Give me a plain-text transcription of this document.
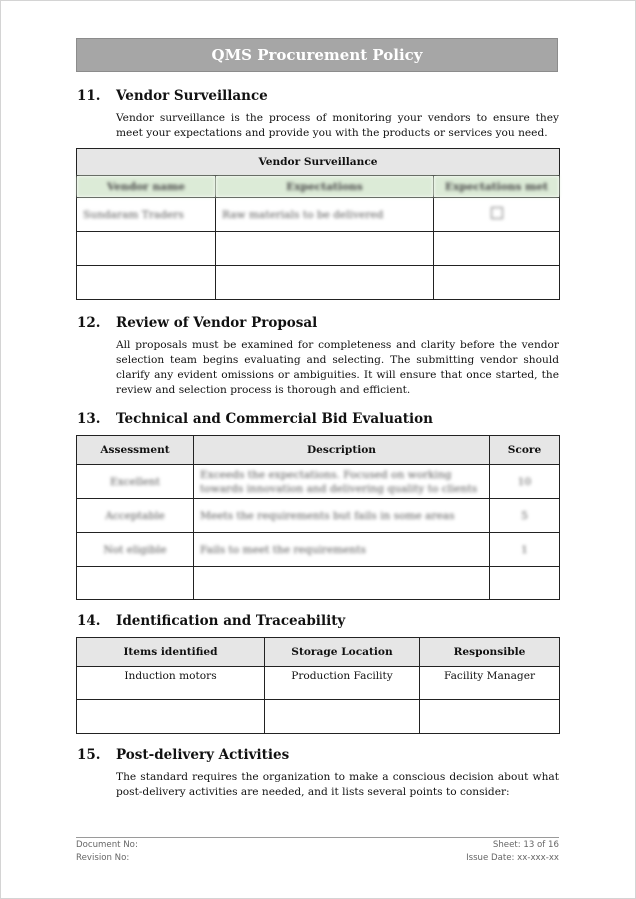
QMS Procurement Policy
11.	Vendor Surveillance

Vendor surveillance is the process of monitoring your vendors to ensure they meet your expectations and provide you with the products or services you need.

Vendor Surveillance		
Vendor name	Expectations	Expectations met
Sundaram Traders	Raw materials to be delivered	

12.	Review of Vendor Proposal

All proposals must be examined for completeness and clarity before the vendor selection team begins evaluating and selecting. The submitting vendor should clarify any evident omissions or ambiguities. It will ensure that once started, the review and selection process is thorough and efficient.

13.	Technical and Commercial Bid Evaluation
Assessment	Description	Score
Excellent	Exceeds the expectations. Focused on working towards innovation and delivering quality to clients	10
Acceptable	Meets the requirements but fails in some areas	5
Not eligible	Fails to meet the requirements	1

14.	Identification and Traceability
Items identified	Storage Location	Responsible
Induction motors	Production Facility	Facility Manager

15.	Post-delivery Activities

The standard requires the organization to make a conscious decision about what post-delivery activities are needed, and it lists several points to consider:

Document No:	Sheet: 13 of 16
Revision No:	Issue Date: xx-xxx-xx
